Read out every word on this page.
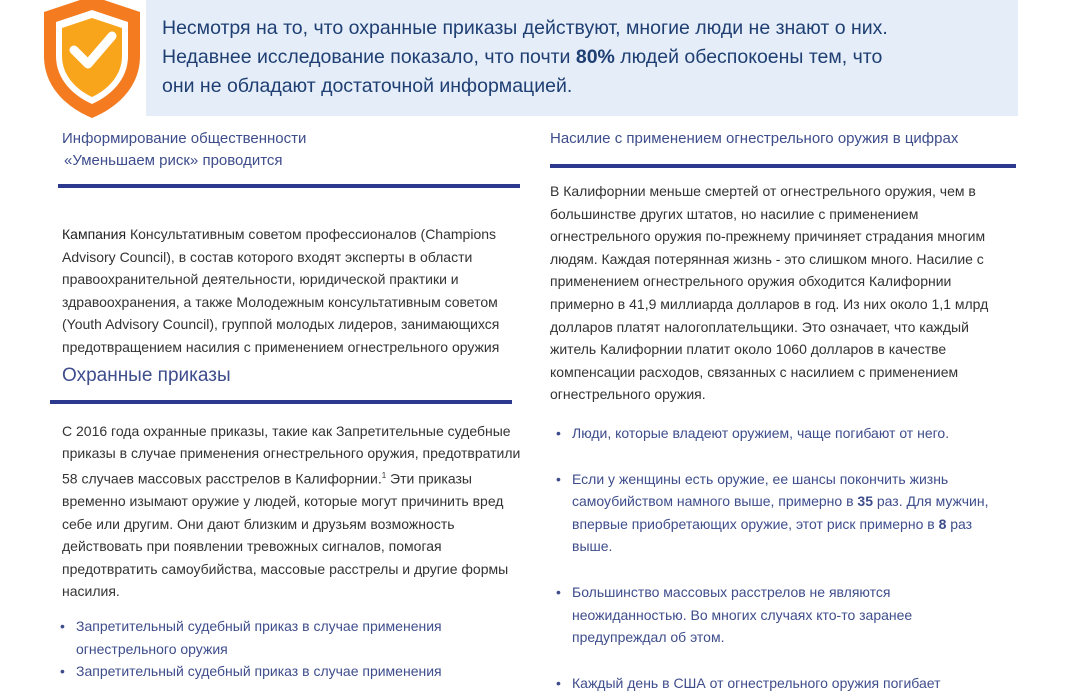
Несмотря на то, что охранные приказы действуют, многие люди не знают о них.
Недавнее исследование показало, что почти 80% людей обеспокоены тем, что
они не обладают достаточной информацией.

Информирование общественности

«Уменьшаем риск» проводится

Кампания Консультативным советом профессионалов (Champions Advisory Council), в состав которого входят эксперты в области правоохранительной деятельности, юридической практики и здравоохранения, а также Молодежным консультативным советом (Youth Advisory Council), группой молодых лидеров, занимающихся предотвращением насилия с применением огнестрельного оружия

Охранные приказы

С 2016 года охранные приказы, такие как Запретительные судебные приказы в случае применения огнестрельного оружия, предотвратили 58 случаев массовых расстрелов в Калифорнии.$^1$ Эти приказы временно изымают оружие у людей, которые могут причинить вред себе или другим. Они дают близким и друзьям возможность действовать при появлении тревожных сигналов, помогая предотвратить самоубийства, массовые расстрелы и другие формы насилия.

• Запретительный судебный приказ в случае применения огнестрельного оружия
• Запретительный судебный приказ в случае применения

Насилие с применением огнестрельного оружия в цифрах

В Калифорнии меньше смертей от огнестрельного оружия, чем в большинстве других штатов, но насилие с применением огнестрельного оружия по-прежнему причиняет страдания многим людям. Каждая потерянная жизнь - это слишком много. Насилие с применением огнестрельного оружия обходится Калифорнии примерно в 41,9 миллиарда долларов в год. Из них около 1,1 млрд долларов платят налогоплательщики. Это означает, что каждый житель Калифорнии платит около 1060 долларов в качестве компенсации расходов, связанных с насилием с применением огнестрельного оружия.

• Люди, которые владеют оружием, чаще погибают от него.
• Если у женщины есть оружие, ее шансы покончить жизнь самоубийством намного выше, примерно в 35 раз. Для мужчин, впервые приобретающих оружие, этот риск примерно в 8 раз выше.
• Большинство массовых расстрелов не являются неожиданностью. Во многих случаях кто-то заранее предупреждал об этом.
• Каждый день в США от огнестрельного оружия погибает
